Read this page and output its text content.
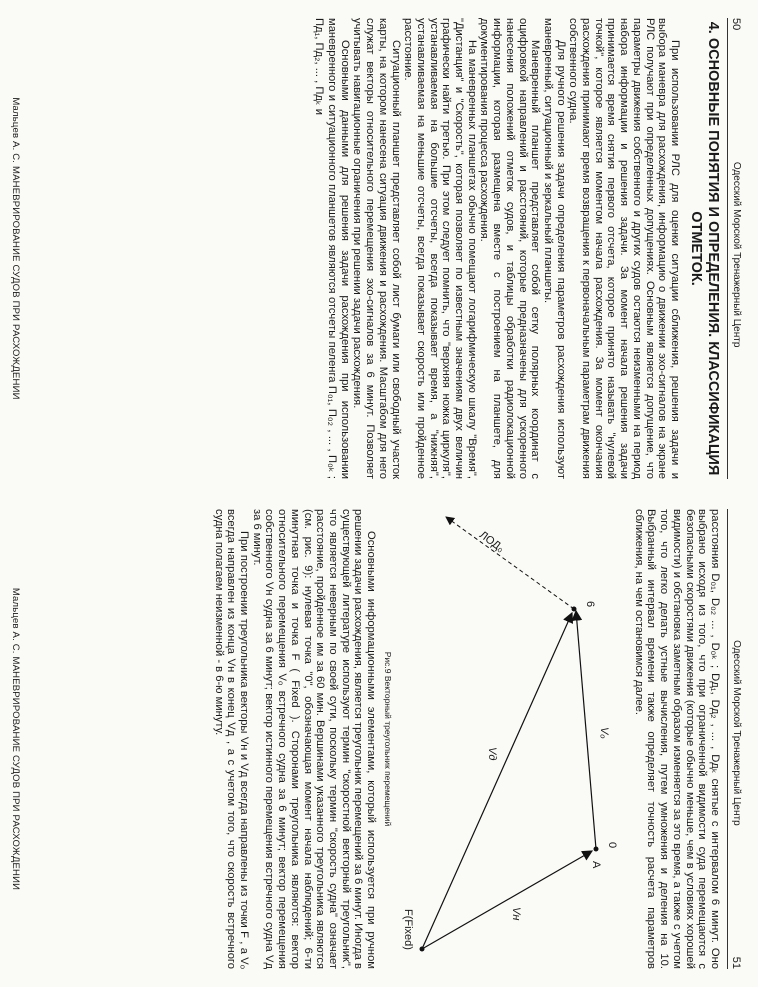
50
Одесский Морской Тренажерный Центр
4. ОСНОВНЫЕ ПОНЯТИЯ И ОПРЕДЕЛЕНИЯ. КЛАССИФИКАЦИЯ ОТМЕТОК.

При использовании РЛС для оценки ситуации сближения, решения задачи и выбора маневра для расхождения, информацию о движении эхо-сигналов на экране РЛС получают при определенных допущениях. Основным является допущение, что параметры движения собственного и других судов остаются неизменными на период набора информации и решения задачи. За момент начала решения задачи принимается время снятия первого отсчета, которое принято называть "нулевой точкой", которое является моментом начала расхождения. За момент окончания расхождения принимают время возвращения к первоначальным параметрам движения собственного судна.

Для ручного решения задачи определения параметров расхождения используют маневренный, ситуационный и зеркальный планшеты.

Маневренный планшет представляет собой сетку полярных координат с оцифровкой направлений и расстояний, которые предназначены для ускоренного нанесения положений отметок судов, и таблицы обработки радиолокационной информации, которая размещена вместе с построением на планшете, для документирования процесса расхождения.

На маневренных планшетах обычно помещают логарифмическую шкалу "Время", "Дистанция" и "Скорость", которая позволяет по известным значениям двух величин графически найти третью. При этом следует помнить, что "верхняя ножка циркуля", устанавливаемая на большие отсчеты, всегда показывает время, а "нижняя", устанавливаемая на меньшие отсчеты, всегда показывает скорость или пройденное расстояние.

Ситуационный планшет представляет собой лист бумаги или свободный участок карты, на котором нанесена ситуация движения и расхождения. Масштабом для него служат векторы относительного перемещения эхо-сигналов за 6 минут. Позволяет учитывать навигационные ограничения при решении задачи расхождения.

Основными данными для решения задачи расхождения при использовании маневренного и ситуационного планшетов являются отсчеты пеленга П₀₁, П₀₂ , ... , П₀ₖ ; Пд₁, Пд₂, ... , Пдₖ и

Мальцев А. С. МАНЕВРИРОВАНИЕ СУДОВ ПРИ РАСХОЖДЕНИИ
Одесский Морской Тренажерный Центр
51

расстояния D₀₁, D₀₂ ... , D₀ₖ ; Dд₁, Dд₂ , ... , Dдₖ снятые с интервалом 6 минут. Оно выбрано исходя из того, что при ограниченной видимости суда перемещаются с безопасными скоростями движения (которые обычно меньше, чем в условиях хорошей видимости) и обстановка заметным образом изменяется за это время, а также с учетом того, что легко делать устные вычисления, путем умножения и деления на 10. Выбранный интервал времени также определяет точность расчета параметров сближения, на чем остановимся далее.

0
A
6
F(Fixed)
Vₒ
Vн
Vд
ЛОД₀
Рис.9 Векторный треугольник перемещений

Основными информационными элементами, который используется при ручном решении задачи расхождения, является треугольник перемещений за 6 минут. Иногда в существующей литературе используют термин "скоростной векторный треугольник", что является неверным по своей сути, поскольку термин "скорость судна" означает расстояние, пройденное им за 60 мин. Вершинами указанного треугольника являются (см. рис. 9): нулевая точка "0", обозначающая момент начала наблюдений; 6-ти минутная точка и точка F ( Fixed ). Сторонами треугольника являются: вектор относительного перемещения Vₒ встречного судна за 6 минут; вектор перемещения собственного Vн судна за 6 минут; вектор истинного перемещения встречного судна Vд за 6 минут.

При построении треугольника векторы Vн и Vд всегда направлены из точки F , а Vₒ всегда направлен из конца Vн в конец Vд , а с учетом того, что скорость встречного судна полагаем неизменной - в 6-ю минуту.

Мальцев А. С. МАНЕВРИРОВАНИЕ СУДОВ ПРИ РАСХОЖДЕНИИ
